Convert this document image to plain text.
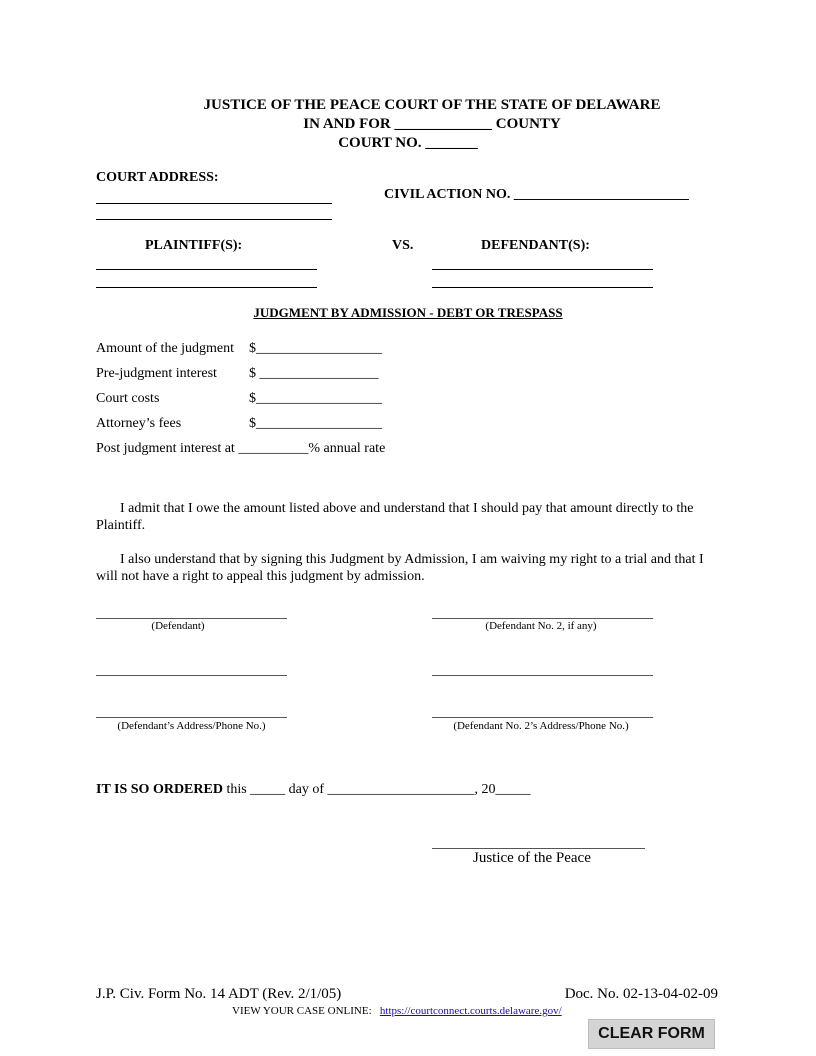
JUSTICE OF THE PEACE COURT OF THE STATE OF DELAWARE
IN AND FOR _____________ COUNTY
COURT NO. _______
COURT ADDRESS:
CIVIL ACTION NO. _________________________
PLAINTIFF(S):	VS.	DEFENDANT(S):
JUDGMENT BY ADMISSION - DEBT OR TRESPASS
Amount of the judgment $__________________
Pre-judgment interest $ _________________
Court costs	$__________________
Attorney’s fees	$__________________
Post judgment interest at __________% annual rate
I admit that I owe the amount listed above and understand that I should pay that amount directly to the Plaintiff.
I also understand that by signing this Judgment by Admission, I am waiving my right to a trial and that I will not have a right to appeal this judgment by admission.
(Defendant)	(Defendant No. 2, if any)
(Defendant’s Address/Phone No.)	(Defendant No. 2’s Address/Phone No.)
IT IS SO ORDERED this _____ day of _____________________, 20_____
Justice of the Peace
J.P. Civ. Form No. 14 ADT (Rev. 2/1/05)	Doc. No. 02-13-04-02-09
VIEW YOUR CASE ONLINE: https://courtconnect.courts.delaware.gov/
CLEAR FORM
